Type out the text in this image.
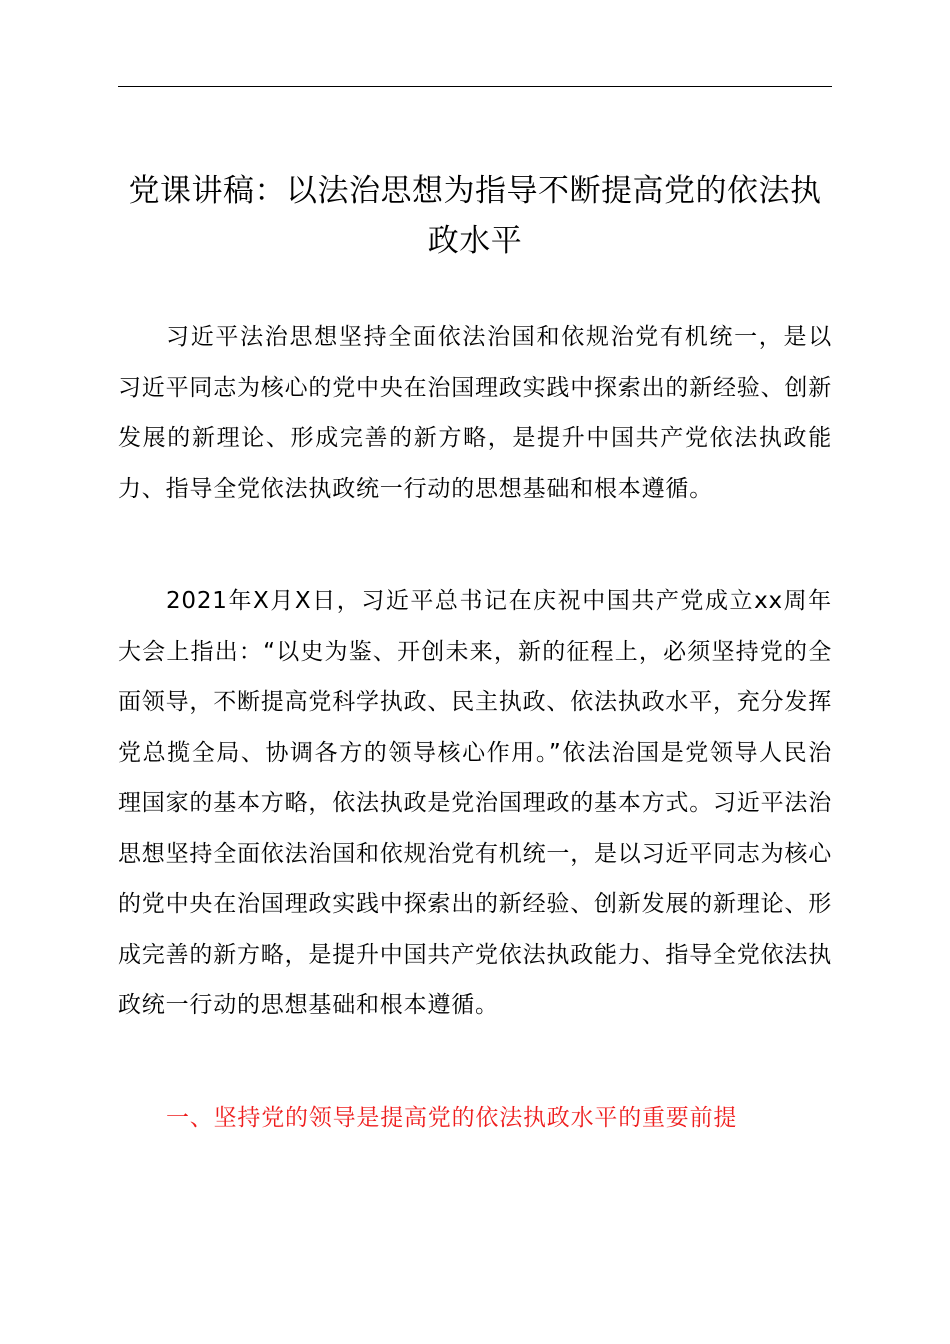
党课讲稿：以法治思想为指导不断提高党的依法执政水平

习近平法治思想坚持全面依法治国和依规治党有机统一，是以习近平同志为核心的党中央在治国理政实践中探索出的新经验、创新发展的新理论、形成完善的新方略，是提升中国共产党依法执政能力、指导全党依法执政统一行动的思想基础和根本遵循。

2021年X月X日，习近平总书记在庆祝中国共产党成立xx周年大会上指出：“以史为鉴、开创未来，新的征程上，必须坚持党的全面领导，不断提高党科学执政、民主执政、依法执政水平，充分发挥党总揽全局、协调各方的领导核心作用。”依法治国是党领导人民治理国家的基本方略，依法执政是党治国理政的基本方式。习近平法治思想坚持全面依法治国和依规治党有机统一，是以习近平同志为核心的党中央在治国理政实践中探索出的新经验、创新发展的新理论、形成完善的新方略，是提升中国共产党依法执政能力、指导全党依法执政统一行动的思想基础和根本遵循。

一、坚持党的领导是提高党的依法执政水平的重要前提
